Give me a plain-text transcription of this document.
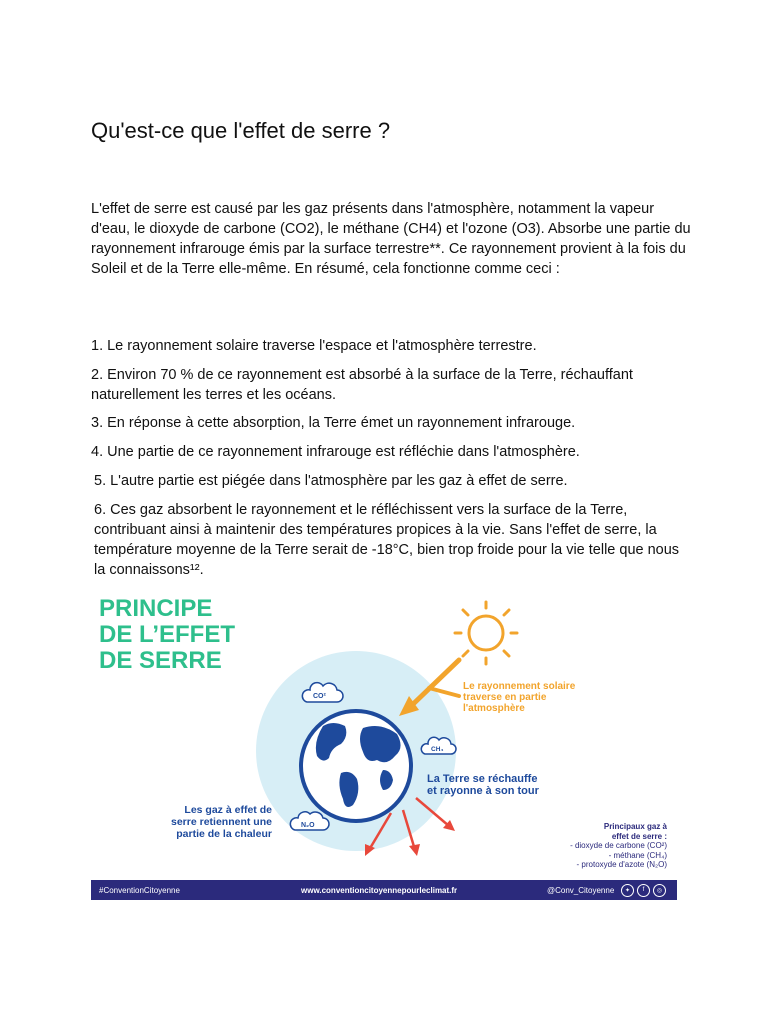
Qu'est-ce que l'effet de serre ?

L'effet de serre est causé par les gaz présents dans l'atmosphère, notamment la vapeur d'eau, le dioxyde de carbone (CO2), le méthane (CH4) et l'ozone (O3). Absorbe une partie du rayonnement infrarouge émis par la surface terrestre**. Ce rayonnement provient à la fois du Soleil et de la Terre elle-même. En résumé, cela fonctionne comme ceci :

1. Le rayonnement solaire traverse l'espace et l'atmosphère terrestre.

2. Environ 70 % de ce rayonnement est absorbé à la surface de la Terre, réchauffant naturellement les terres et les océans.

3. En réponse à cette absorption, la Terre émet un rayonnement infrarouge.

4. Une partie de ce rayonnement infrarouge est réfléchie dans l'atmosphère.

5. L'autre partie est piégée dans l'atmosphère par les gaz à effet de serre.

6. Ces gaz absorbent le rayonnement et le réfléchissent vers la surface de la Terre, contribuant ainsi à maintenir des températures propices à la vie. Sans l'effet de serre, la température moyenne de la Terre serait de -18°C, bien trop froide pour la vie telle que nous la connaissons¹².

CO²
CH₄
N₂O
PRINCIPE
DE L’EFFET
DE SERRE
Le rayonnement solaire
traverse en partie
l'atmosphère
La Terre se réchauffe
et rayonne à son tour
Les gaz à effet de
serre retiennent une
partie de la chaleur
Principaux gaz à
effet de serre :
- dioxyde de carbone (CO²)
- méthane (CH₄)
- protoxyde d'azote (N₂O)
#ConventionCitoyenne	www.conventioncitoyennepourleclimat.fr	@Conv_Citoyenne	✦	f	◎
